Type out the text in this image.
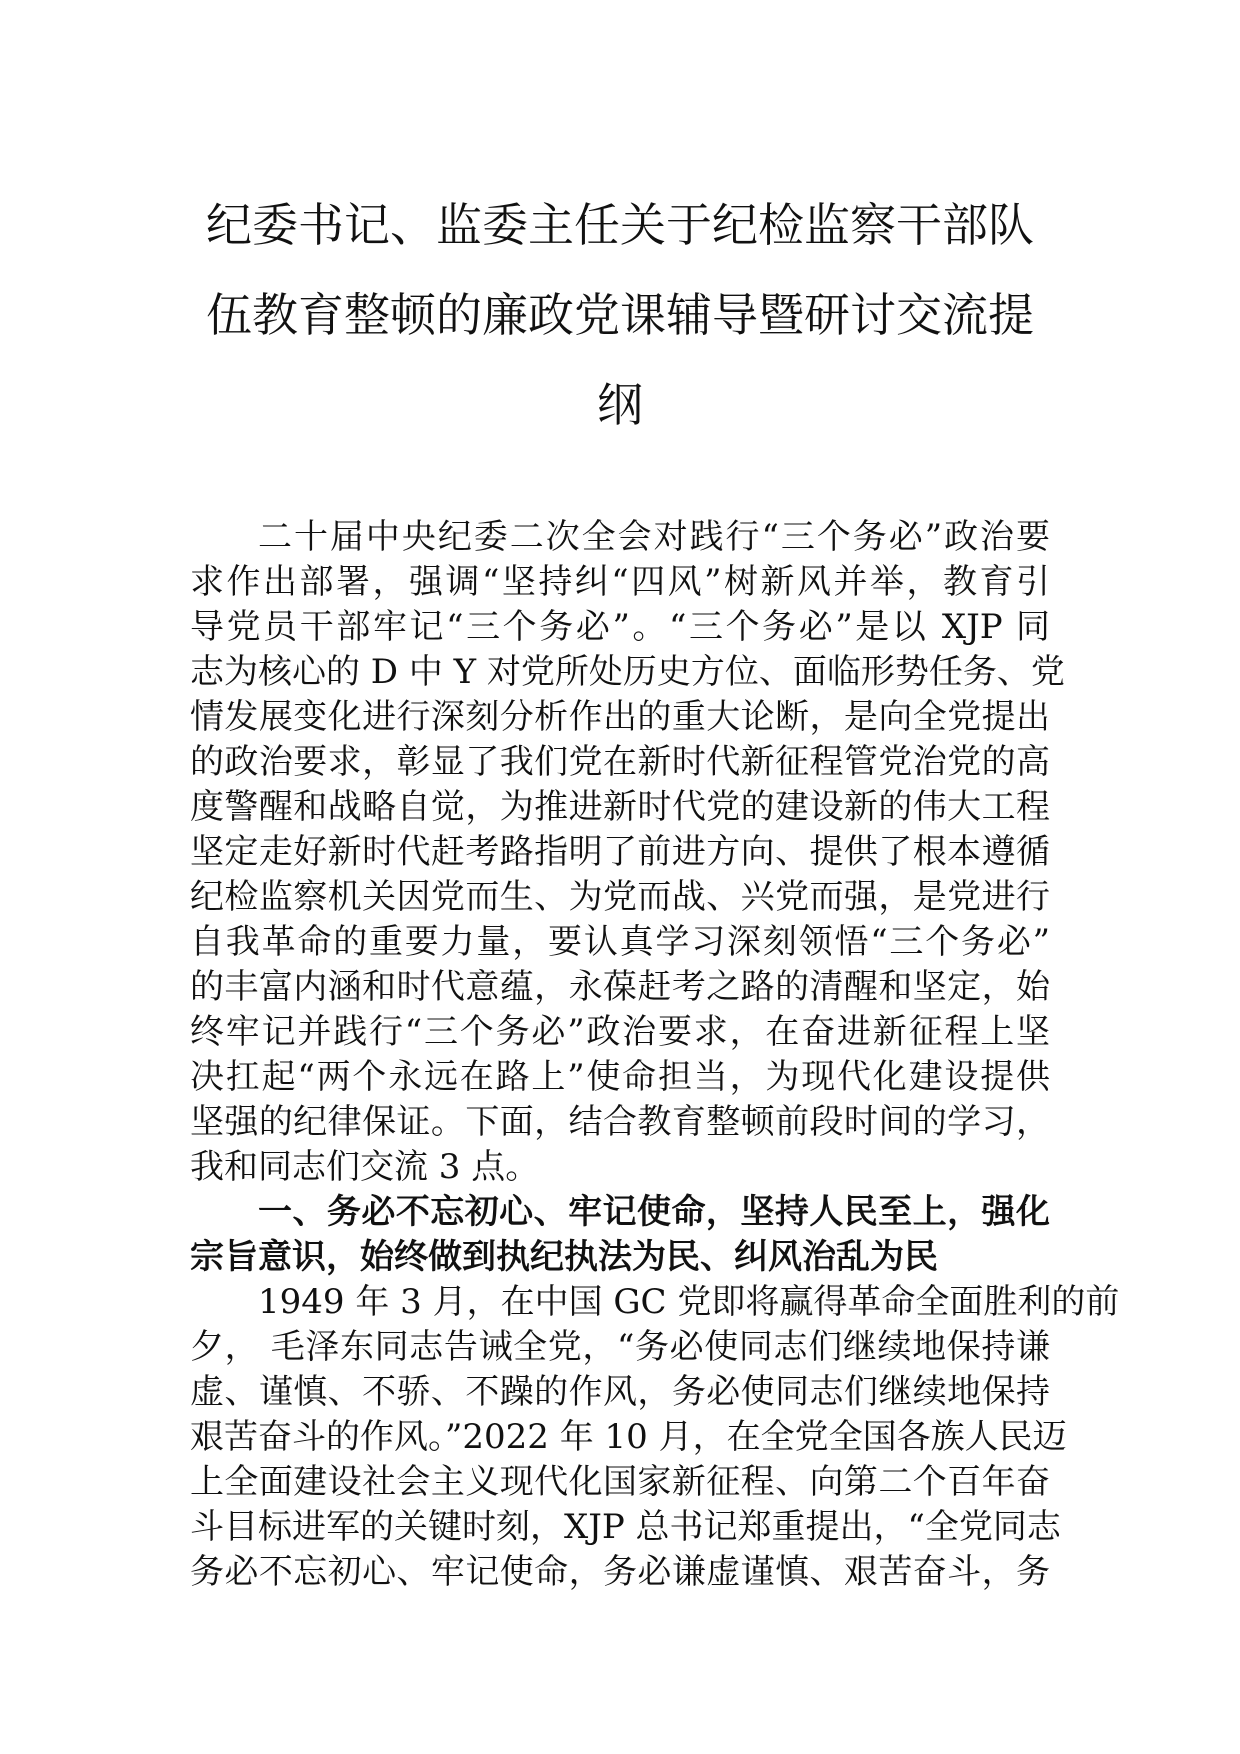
纪委书记、监委主任关于纪检监察干部队
伍教育整顿的廉政党课辅导暨研讨交流提
纲
二十届中央纪委二次全会对践行“三个务必”政治要
求作出部署，强调“坚持纠“四风”树新风并举，教育引
导党员干部牢记“三个务必”。“三个务必”是以 XJP 同
志为核心的 D 中 Y 对党所处历史方位、面临形势任务、党
情发展变化进行深刻分析作出的重大论断，是向全党提出
的政治要求，彰显了我们党在新时代新征程管党治党的高
度警醒和战略自觉，为推进新时代党的建设新的伟大工程
坚定走好新时代赶考路指明了前进方向、提供了根本遵循
纪检监察机关因党而生、为党而战、兴党而强，是党进行
自我革命的重要力量，要认真学习深刻领悟“三个务必”
的丰富内涵和时代意蕴，永葆赶考之路的清醒和坚定，始
终牢记并践行“三个务必”政治要求，在奋进新征程上坚
决扛起“两个永远在路上”使命担当，为现代化建设提供
坚强的纪律保证。下面，结合教育整顿前段时间的学习，
我和同志们交流 3 点。
一、务必不忘初心、牢记使命，坚持人民至上，强化
宗旨意识，始终做到执纪执法为民、纠风治乱为民
1949 年 3 月，在中国 GC 党即将赢得革命全面胜利的前
夕， 毛泽东同志告诫全党，“务必使同志们继续地保持谦
虚、谨慎、不骄、不躁的作风，务必使同志们继续地保持
艰苦奋斗的作风。”2022 年 10 月，在全党全国各族人民迈
上全面建设社会主义现代化国家新征程、向第二个百年奋
斗目标进军的关键时刻，XJP 总书记郑重提出，“全党同志
务必不忘初心、牢记使命，务必谦虚谨慎、艰苦奋斗，务
